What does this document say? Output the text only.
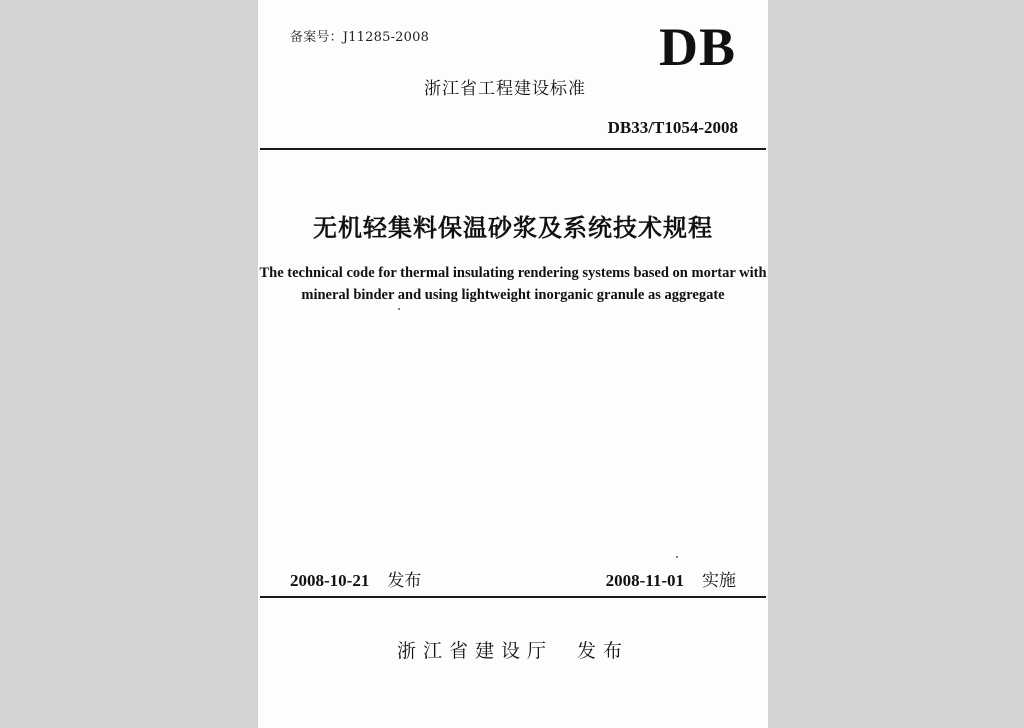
备案号：J11285-2008	DB
浙江省工程建设标准
DB33/T1054-2008
无机轻集料保温砂浆及系统技术规程
The technical code for thermal insulating rendering systems based on mortar with
mineral binder and using lightweight inorganic granule as aggregate
2008-10-21 发布	2008-11-01 实施
浙江省建设厅 发布
